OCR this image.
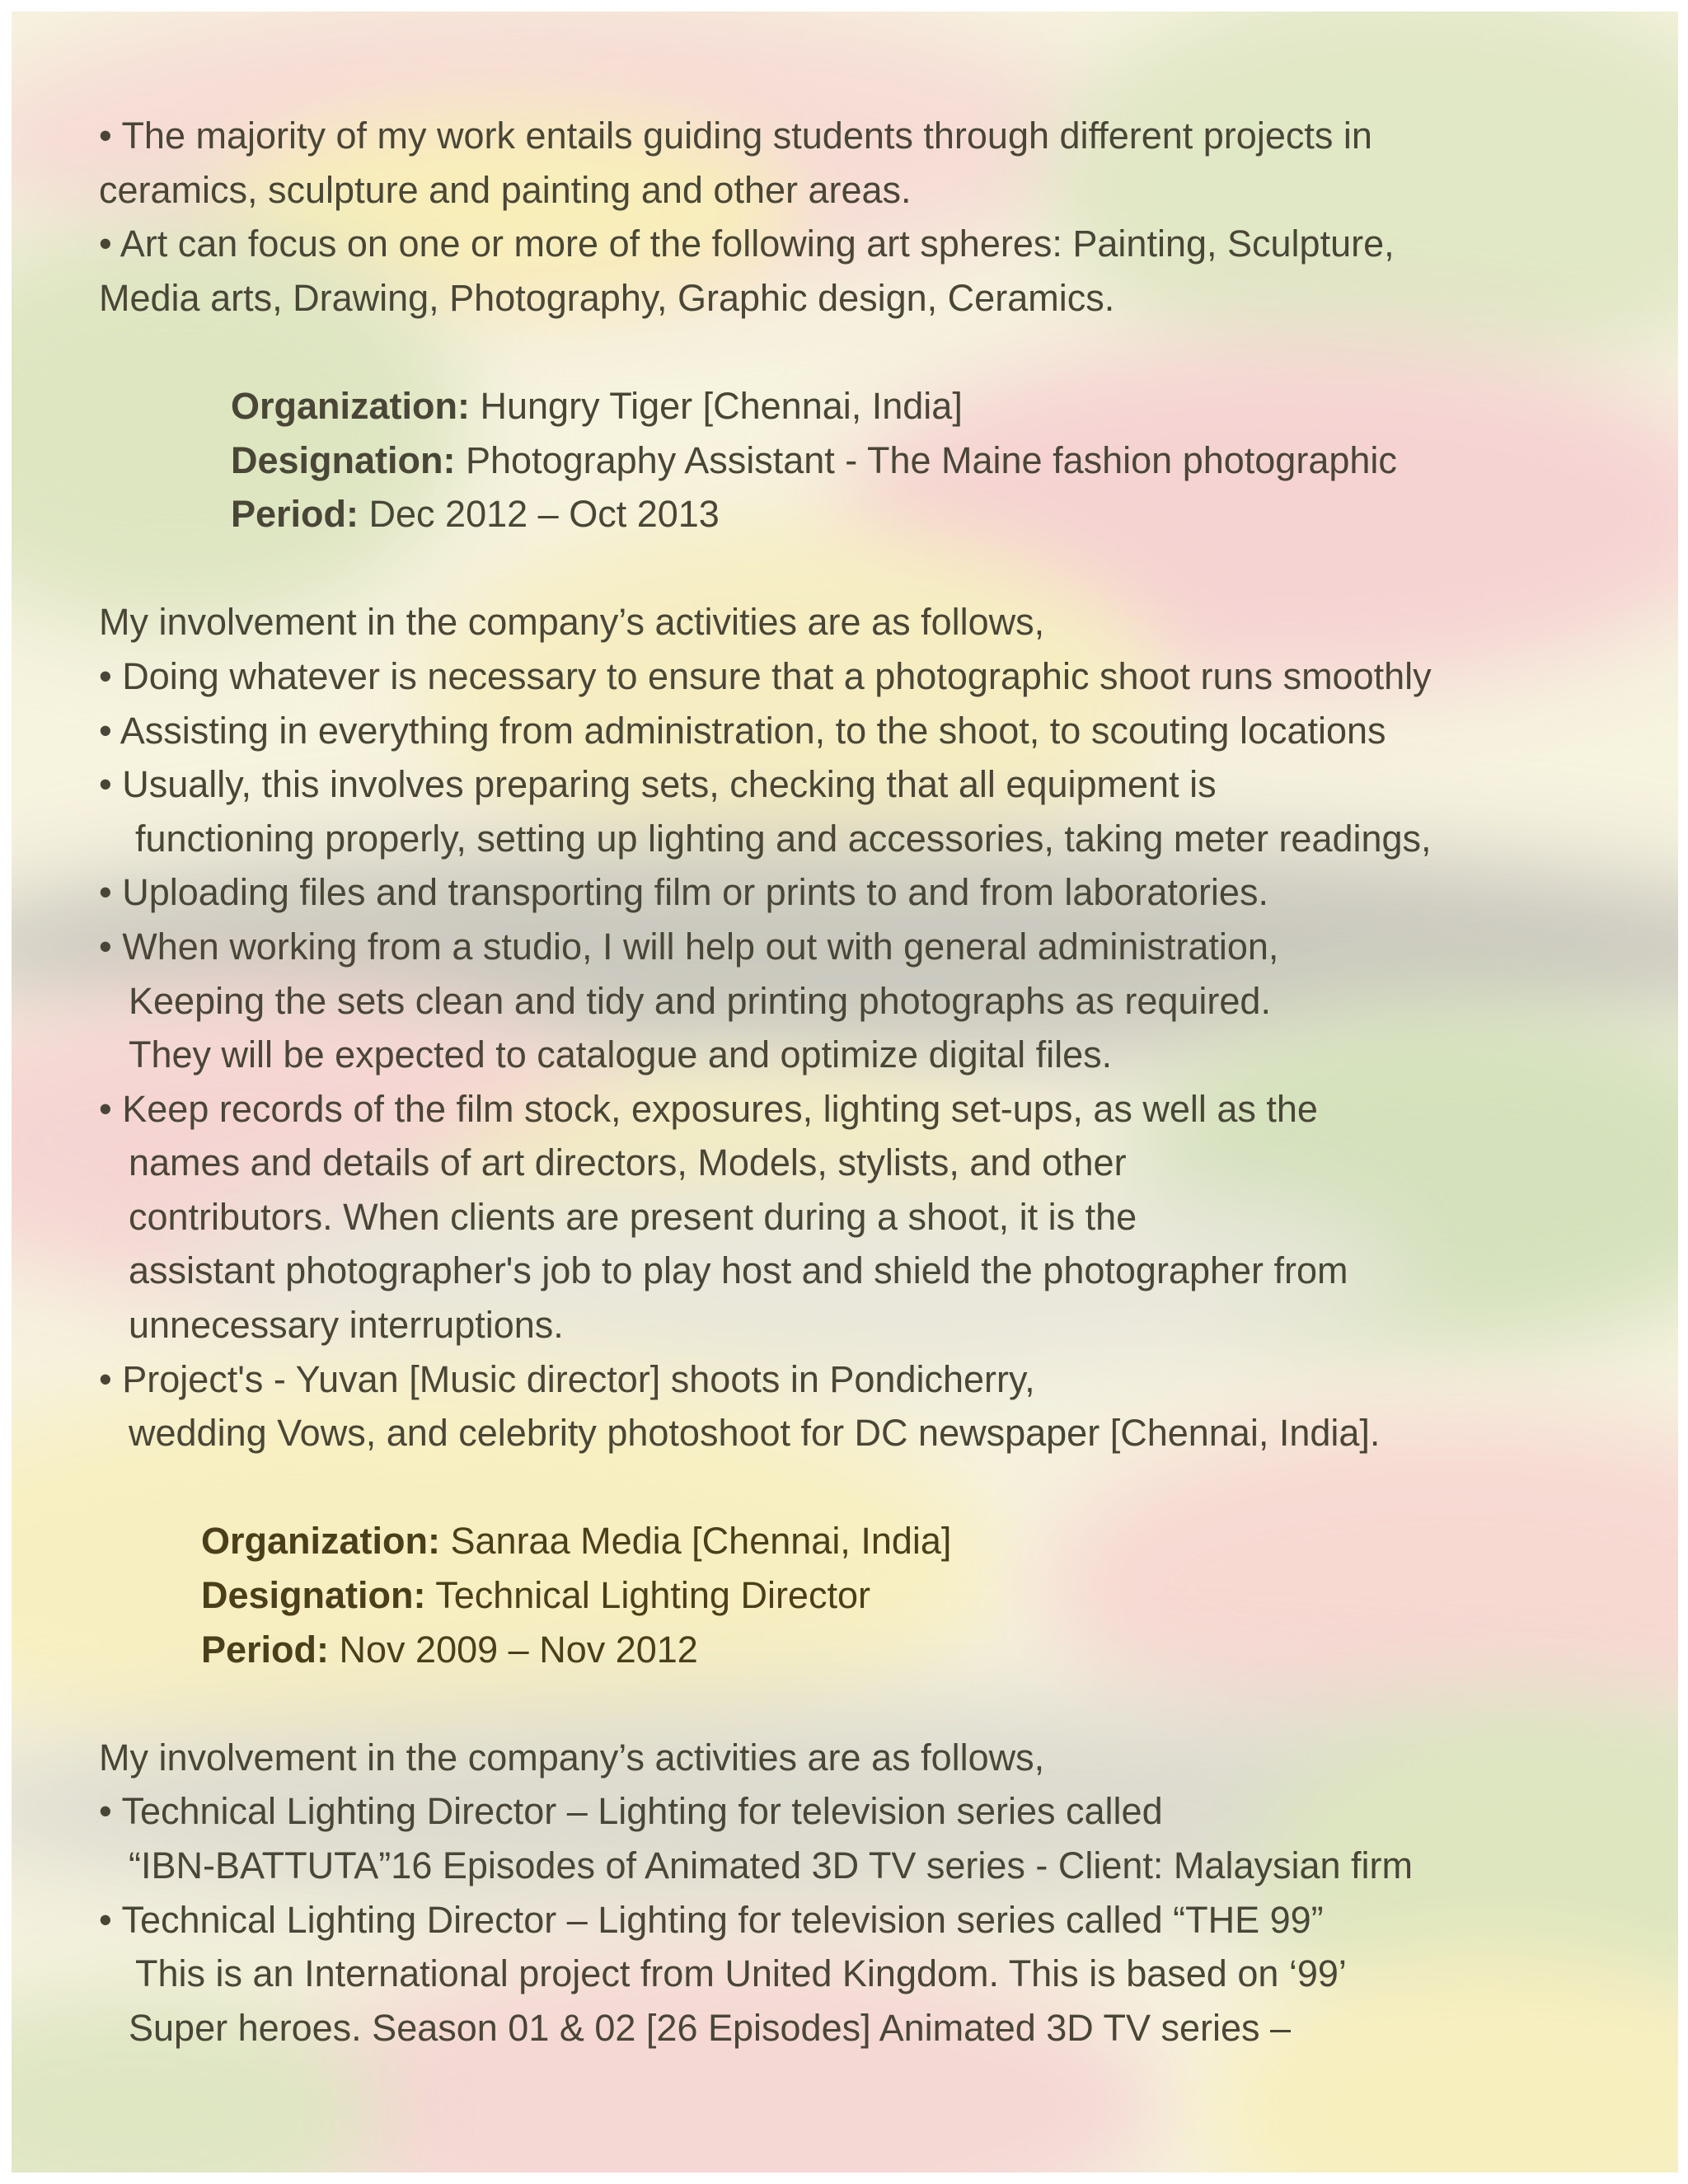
• The majority of my work entails guiding students through different projects in

ceramics, sculpture and painting and other areas.

• Art can focus on one or more of the following art spheres: Painting, Sculpture,

Media arts, Drawing, Photography, Graphic design, Ceramics.

Organization: Hungry Tiger [Chennai, India]

Designation: Photography Assistant - The Maine fashion photographic

Period: Dec 2012 – Oct 2013

My involvement in the company’s activities are as follows,

• Doing whatever is necessary to ensure that a photographic shoot runs smoothly

• Assisting in everything from administration, to the shoot, to scouting locations

• Usually, this involves preparing sets, checking that all equipment is

functioning properly, setting up lighting and accessories, taking meter readings,

• Uploading files and transporting film or prints to and from laboratories.

• When working from a studio, I will help out with general administration,

Keeping the sets clean and tidy and printing photographs as required.

They will be expected to catalogue and optimize digital files.

• Keep records of the film stock, exposures, lighting set-ups, as well as the

names and details of art directors, Models, stylists, and other

contributors. When clients are present during a shoot, it is the

assistant photographer's job to play host and shield the photographer from

unnecessary interruptions.

• Project's - Yuvan [Music director] shoots in Pondicherry,

wedding Vows, and celebrity photoshoot for DC newspaper [Chennai, India].

Organization: Sanraa Media [Chennai, India]

Designation: Technical Lighting Director

Period: Nov 2009 – Nov 2012

My involvement in the company’s activities are as follows,

• Technical Lighting Director – Lighting for television series called

“IBN-BATTUTA”16 Episodes of Animated 3D TV series - Client: Malaysian firm

• Technical Lighting Director – Lighting for television series called “THE 99”

This is an International project from United Kingdom. This is based on ‘99’

Super heroes. Season 01 & 02 [26 Episodes] Animated 3D TV series –
